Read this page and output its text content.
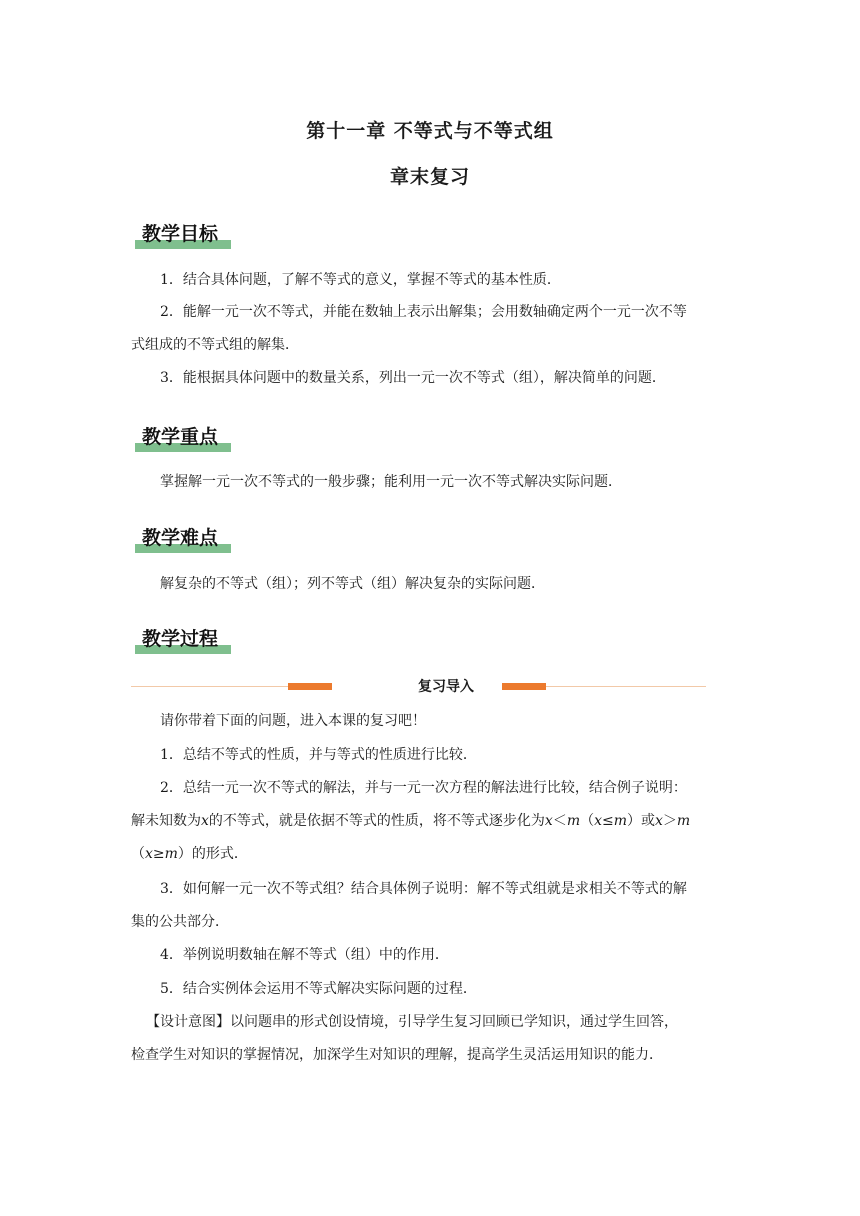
第十一章 不等式与不等式组
章末复习
教学目标
1．结合具体问题，了解不等式的意义，掌握不等式的基本性质．
2．能解一元一次不等式，并能在数轴上表示出解集；会用数轴确定两个一元一次不等
式组成的不等式组的解集．
3．能根据具体问题中的数量关系，列出一元一次不等式（组），解决简单的问题．
教学重点
掌握解一元一次不等式的一般步骤；能利用一元一次不等式解决实际问题．
教学难点
解复杂的不等式（组）；列不等式（组）解决复杂的实际问题．
教学过程
复习导入
请你带着下面的问题，进入本课的复习吧！
1．总结不等式的性质，并与等式的性质进行比较．
2．总结一元一次不等式的解法，并与一元一次方程的解法进行比较，结合例子说明：
解未知数为x的不等式，就是依据不等式的性质，将不等式逐步化为x＜m（x≤m）或x＞m
（x≥m）的形式．
3．如何解一元一次不等式组？结合具体例子说明：解不等式组就是求相关不等式的解
集的公共部分．
4．举例说明数轴在解不等式（组）中的作用．
5．结合实例体会运用不等式解决实际问题的过程．
【设计意图】以问题串的形式创设情境，引导学生复习回顾已学知识，通过学生回答，
检查学生对知识的掌握情况，加深学生对知识的理解，提高学生灵活运用知识的能力．
